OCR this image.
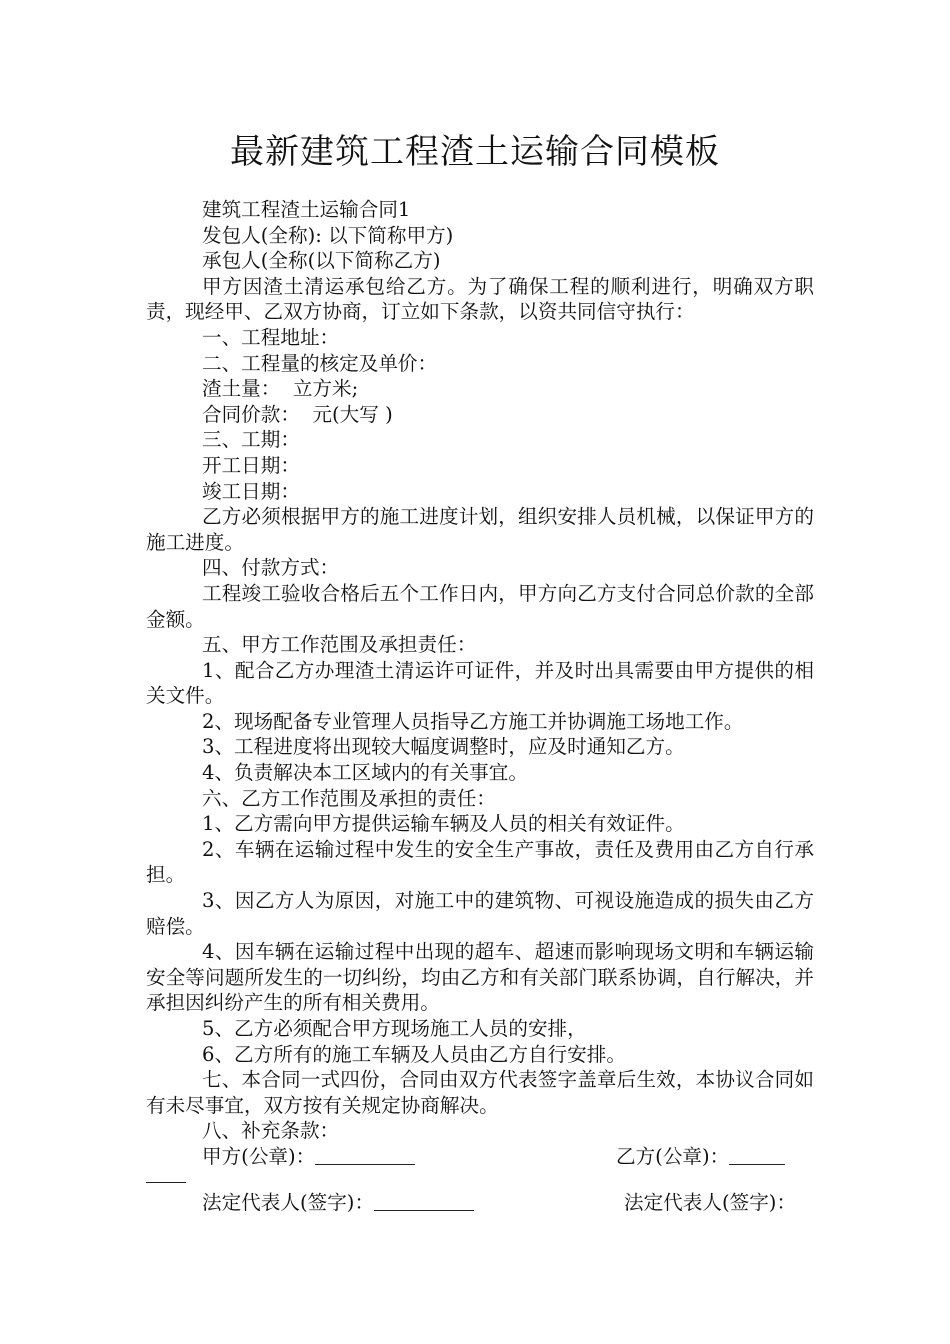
最新建筑工程渣土运输合同模板

建筑工程渣土运输合同1

发包人(全称): 以下简称甲方)

承包人(全称(以下简称乙方)

甲方因渣土清运承包给乙方。为了确保工程的顺利进行，明确双方职责，现经甲、乙双方协商，订立如下条款，以资共同信守执行：

一、工程地址：

二、工程量的核定及单价：

渣土量：  立方米;

合同价款：  元(大写 )

三、工期：

开工日期：

竣工日期：

乙方必须根据甲方的施工进度计划，组织安排人员机械，以保证甲方的施工进度。

四、付款方式：

工程竣工验收合格后五个工作日内，甲方向乙方支付合同总价款的全部金额。

五、甲方工作范围及承担责任：

1、配合乙方办理渣土清运许可证件，并及时出具需要由甲方提供的相关文件。

2、现场配备专业管理人员指导乙方施工并协调施工场地工作。

3、工程进度将出现较大幅度调整时，应及时通知乙方。

4、负责解决本工区域内的有关事宜。

六、乙方工作范围及承担的责任：

1、乙方需向甲方提供运输车辆及人员的相关有效证件。

2、车辆在运输过程中发生的安全生产事故，责任及费用由乙方自行承担。

3、因乙方人为原因，对施工中的建筑物、可视设施造成的损失由乙方赔偿。

4、因车辆在运输过程中出现的超车、超速而影响现场文明和车辆运输安全等问题所发生的一切纠纷，均由乙方和有关部门联系协调，自行解决，并承担因纠纷产生的所有相关费用。

5、乙方必须配合甲方现场施工人员的安排，

6、乙方所有的施工车辆及人员由乙方自行安排。

七、本合同一式四份，合同由双方代表签字盖章后生效，本协议合同如有未尽事宜，双方按有关规定协商解决。

八、补充条款：

甲方(公章)：	乙方(公章)：
法定代表人(签字)：	法定代表人(签字)：
